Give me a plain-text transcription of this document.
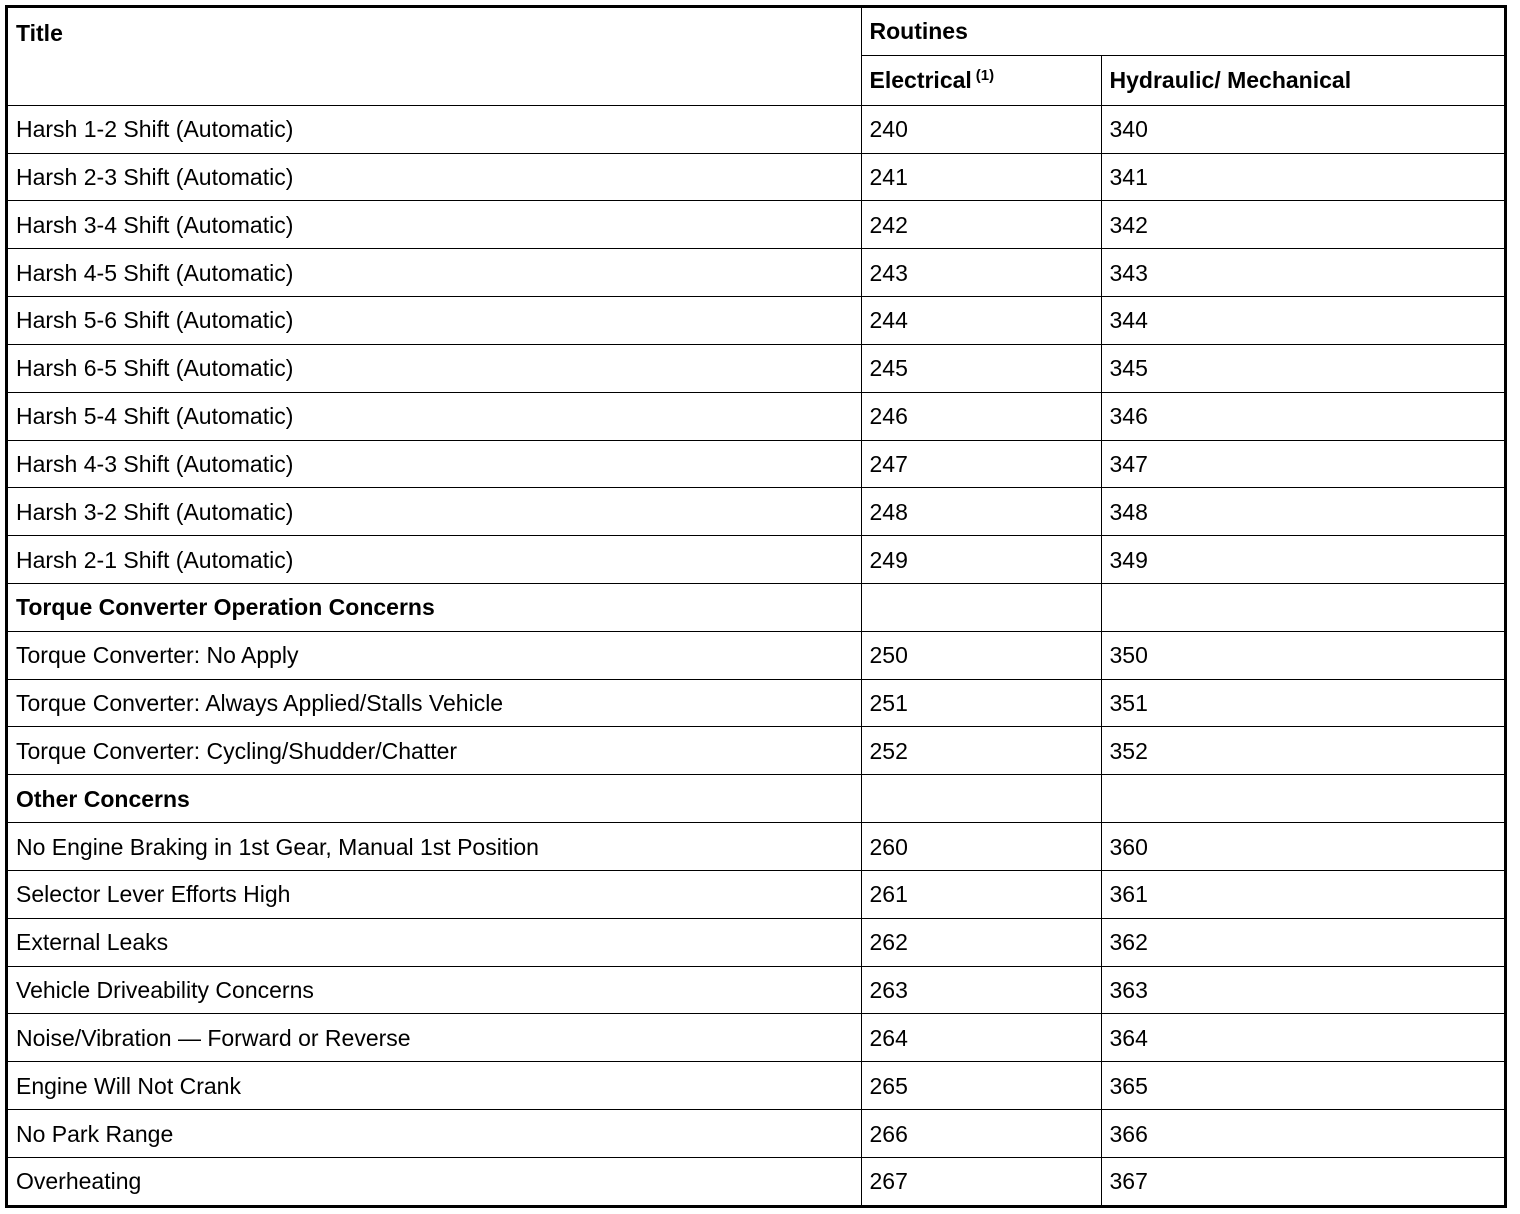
Title	Routines	
	Electrical $^{(1)}$	Hydraulic/ Mechanical
Harsh 1-2 Shift (Automatic)	240	340
Harsh 2-3 Shift (Automatic)	241	341
Harsh 3-4 Shift (Automatic)	242	342
Harsh 4-5 Shift (Automatic)	243	343
Harsh 5-6 Shift (Automatic)	244	344
Harsh 6-5 Shift (Automatic)	245	345
Harsh 5-4 Shift (Automatic)	246	346
Harsh 4-3 Shift (Automatic)	247	347
Harsh 3-2 Shift (Automatic)	248	348
Harsh 2-1 Shift (Automatic)	249	349
Torque Converter Operation Concerns		
Torque Converter: No Apply	250	350
Torque Converter: Always Applied/Stalls Vehicle	251	351
Torque Converter: Cycling/Shudder/Chatter	252	352
Other Concerns		
No Engine Braking in 1st Gear, Manual 1st Position	260	360
Selector Lever Efforts High	261	361
External Leaks	262	362
Vehicle Driveability Concerns	263	363
Noise/Vibration — Forward or Reverse	264	364
Engine Will Not Crank	265	365
No Park Range	266	366
Overheating	267	367
